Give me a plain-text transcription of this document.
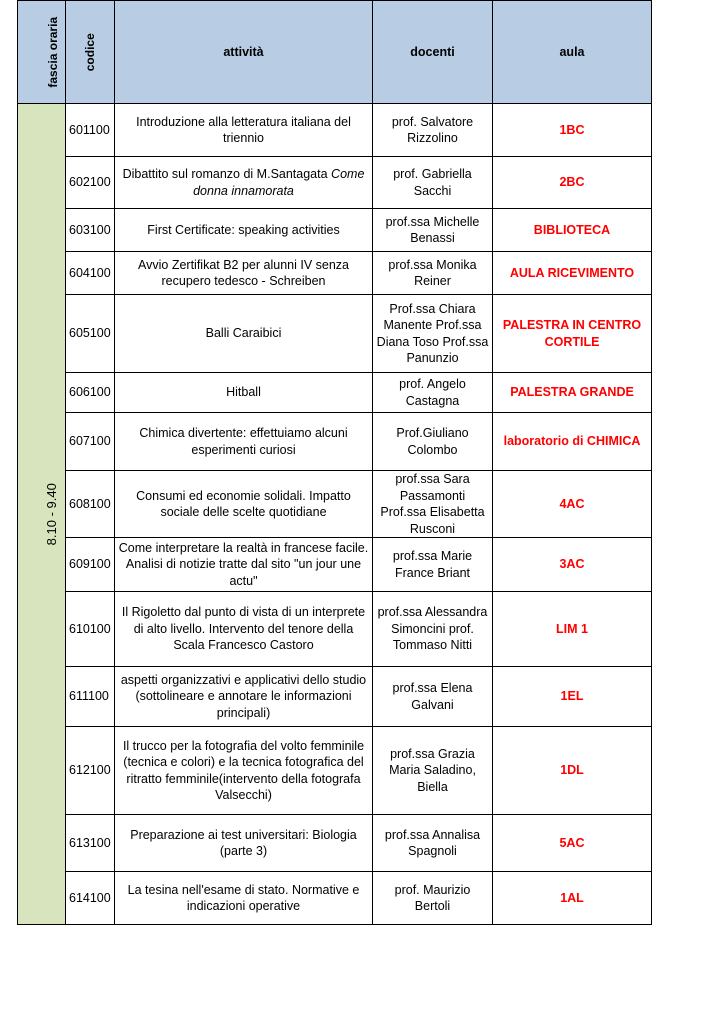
fascia oraria	codice	attività	docenti	aula
8.10 - 9.40	601100	Introduzione alla letteratura italiana del triennio	prof. Salvatore Rizzolino	1BC
	602100	Dibattito sul romanzo di M.Santagata Come donna innamorata	prof. Gabriella Sacchi	2BC
	603100	First Certificate: speaking activities	prof.ssa Michelle Benassi	BIBLIOTECA
	604100	Avvio Zertifikat B2 per alunni IV senza recupero tedesco - Schreiben	prof.ssa Monika Reiner	AULA RICEVIMENTO
	605100	Balli Caraibici	Prof.ssa Chiara Manente Prof.ssa Diana Toso Prof.ssa Panunzio	PALESTRA IN CENTRO CORTILE
	606100	Hitball	prof. Angelo Castagna	PALESTRA GRANDE
	607100	Chimica divertente: effettuiamo alcuni esperimenti curiosi	Prof.Giuliano Colombo	laboratorio di CHIMICA
	608100	Consumi ed economie solidali. Impatto sociale delle scelte quotidiane	prof.ssa Sara Passamonti Prof.ssa Elisabetta Rusconi	4AC
	609100	Come interpretare la realtà in francese facile. Analisi di notizie tratte dal sito "un jour une actu"	prof.ssa Marie France Briant	3AC
	610100	Il Rigoletto dal punto di vista di un interprete di alto livello. Intervento del tenore della Scala Francesco Castoro	prof.ssa Alessandra Simoncini prof. Tommaso Nitti	LIM 1
	611100	aspetti organizzativi e applicativi dello studio (sottolineare e annotare le informazioni principali)	prof.ssa Elena Galvani	1EL
	612100	Il trucco per la fotografia del volto femminile (tecnica e colori) e la tecnica fotografica del ritratto femminile(intervento della fotografa Valsecchi)	prof.ssa Grazia Maria Saladino, Biella	1DL
	613100	Preparazione ai test universitari: Biologia (parte 3)	prof.ssa Annalisa Spagnoli	5AC
	614100	La tesina nell'esame di stato. Normative e indicazioni operative	prof. Maurizio Bertoli	1AL
